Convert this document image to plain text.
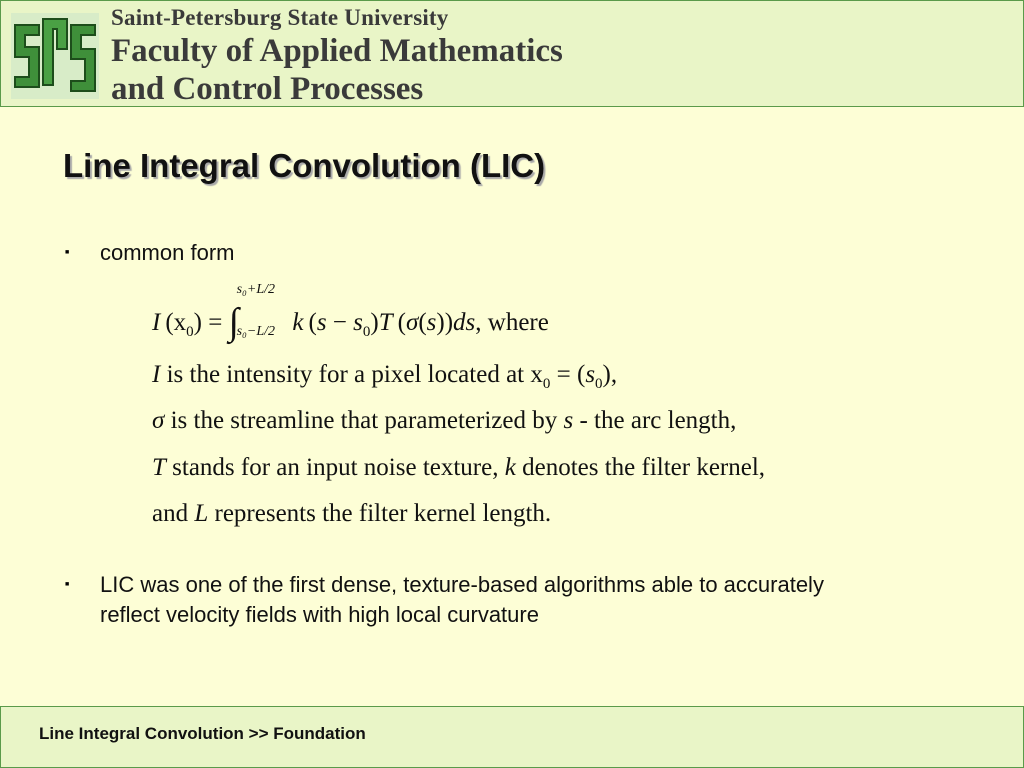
Saint-Petersburg State University
Faculty of Applied Mathematics
and Control Processes
Line Integral Convolution (LIC)
■ common form
I $(x_0)$ = ∫
s₀+L/2
s₀−L/2 k $(s - s_0)T$ (σ(s))ds, where
I is the intensity for a pixel located at $x_0 = (s_0)$,
σ is the streamline that parameterized by s - the arc length,
T stands for an input noise texture, k denotes the filter kernel,
and L represents the filter kernel length.
■ LIC was one of the first dense, texture-based algorithms able to accurately
reflect velocity fields with high local curvature
Line Integral Convolution >> Foundation
